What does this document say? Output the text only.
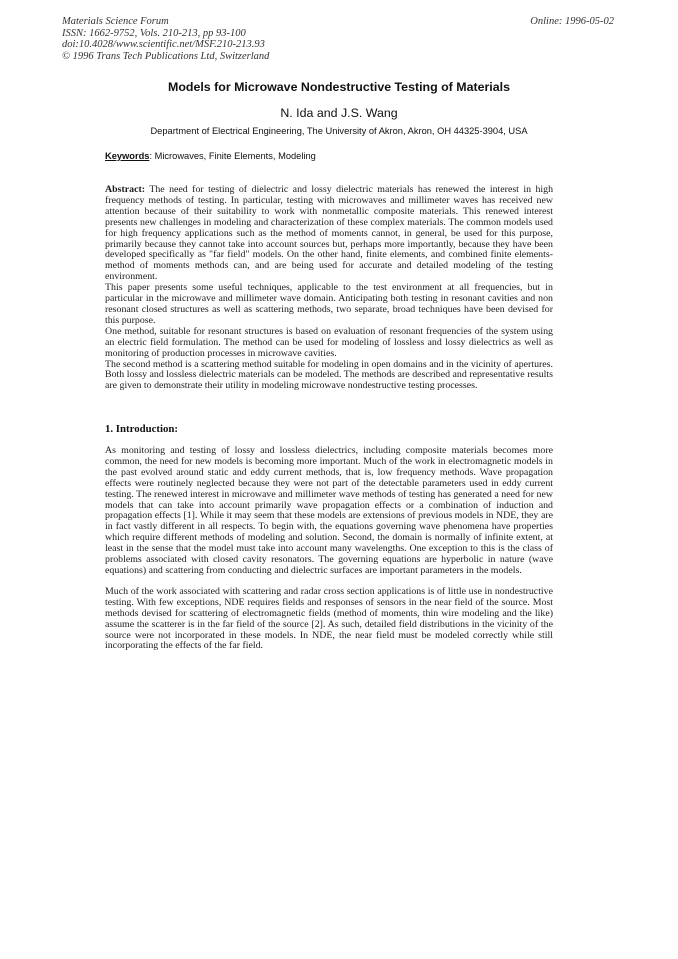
Materials Science Forum
ISSN: 1662-9752, Vols. 210-213, pp 93-100
doi:10.4028/www.scientific.net/MSF.210-213.93
© 1996 Trans Tech Publications Ltd, Switzerland
Online: 1996-05-02
Models for Microwave Nondestructive Testing of Materials
N. Ida and J.S. Wang
Department of Electrical Engineering, The University of Akron, Akron, OH 44325-3904, USA
Keywords: Microwaves, Finite Elements, Modeling

Abstract: The need for testing of dielectric and lossy dielectric materials has renewed the interest in high frequency methods of testing. In particular, testing with microwaves and millimeter waves has received new attention because of their suitability to work with nonmetallic composite materials. This renewed interest presents new challenges in modeling and characterization of these complex materials. The common models used for high frequency applications such as the method of moments cannot, in general, be used for this purpose, primarily because they cannot take into account sources but, perhaps more importantly, because they have been developed specifically as "far field" models. On the other hand, finite elements, and combined finite elements-method of moments methods can, and are being used for accurate and detailed modeling of the testing environment.

This paper presents some useful techniques, applicable to the test environment at all frequencies, but in particular in the microwave and millimeter wave domain. Anticipating both testing in resonant cavities and non resonant closed structures as well as scattering methods, two separate, broad techniques have been devised for this purpose.

One method, suitable for resonant structures is based on evaluation of resonant frequencies of the system using an electric field formulation. The method can be used for modeling of lossless and lossy dielectrics as well as monitoring of production processes in microwave cavities.

The second method is a scattering method suitable for modeling in open domains and in the vicinity of apertures. Both lossy and lossless dielectric materials can be modeled. The methods are described and representative results are given to demonstrate their utility in modeling microwave nondestructive testing processes.

1. Introduction:

As monitoring and testing of lossy and lossless dielectrics, including composite materials becomes more common, the need for new models is becoming more important. Much of the work in electromagnetic models in the past evolved around static and eddy current methods, that is, low frequency methods. Wave propagation effects were routinely neglected because they were not part of the detectable parameters used in eddy current testing. The renewed interest in microwave and millimeter wave methods of testing has generated a need for new models that can take into account primarily wave propagation effects or a combination of induction and propagation effects [1]. While it may seem that these models are extensions of previous models in NDE, they are in fact vastly different in all respects. To begin with, the equations governing wave phenomena have properties which require different methods of modeling and solution. Second, the domain is normally of infinite extent, at least in the sense that the model must take into account many wavelengths. One exception to this is the class of problems associated with closed cavity resonators. The governing equations are hyperbolic in nature (wave equations) and scattering from conducting and dielectric surfaces are important parameters in the models.

Much of the work associated with scattering and radar cross section applications is of little use in nondestructive testing. With few exceptions, NDE requires fields and responses of sensors in the near field of the source. Most methods devised for scattering of electromagnetic fields (method of moments, thin wire modeling and the like) assume the scatterer is in the far field of the source [2]. As such, detailed field distributions in the vicinity of the source were not incorporated in these models. In NDE, the near field must be modeled correctly while still incorporating the effects of the far field.
